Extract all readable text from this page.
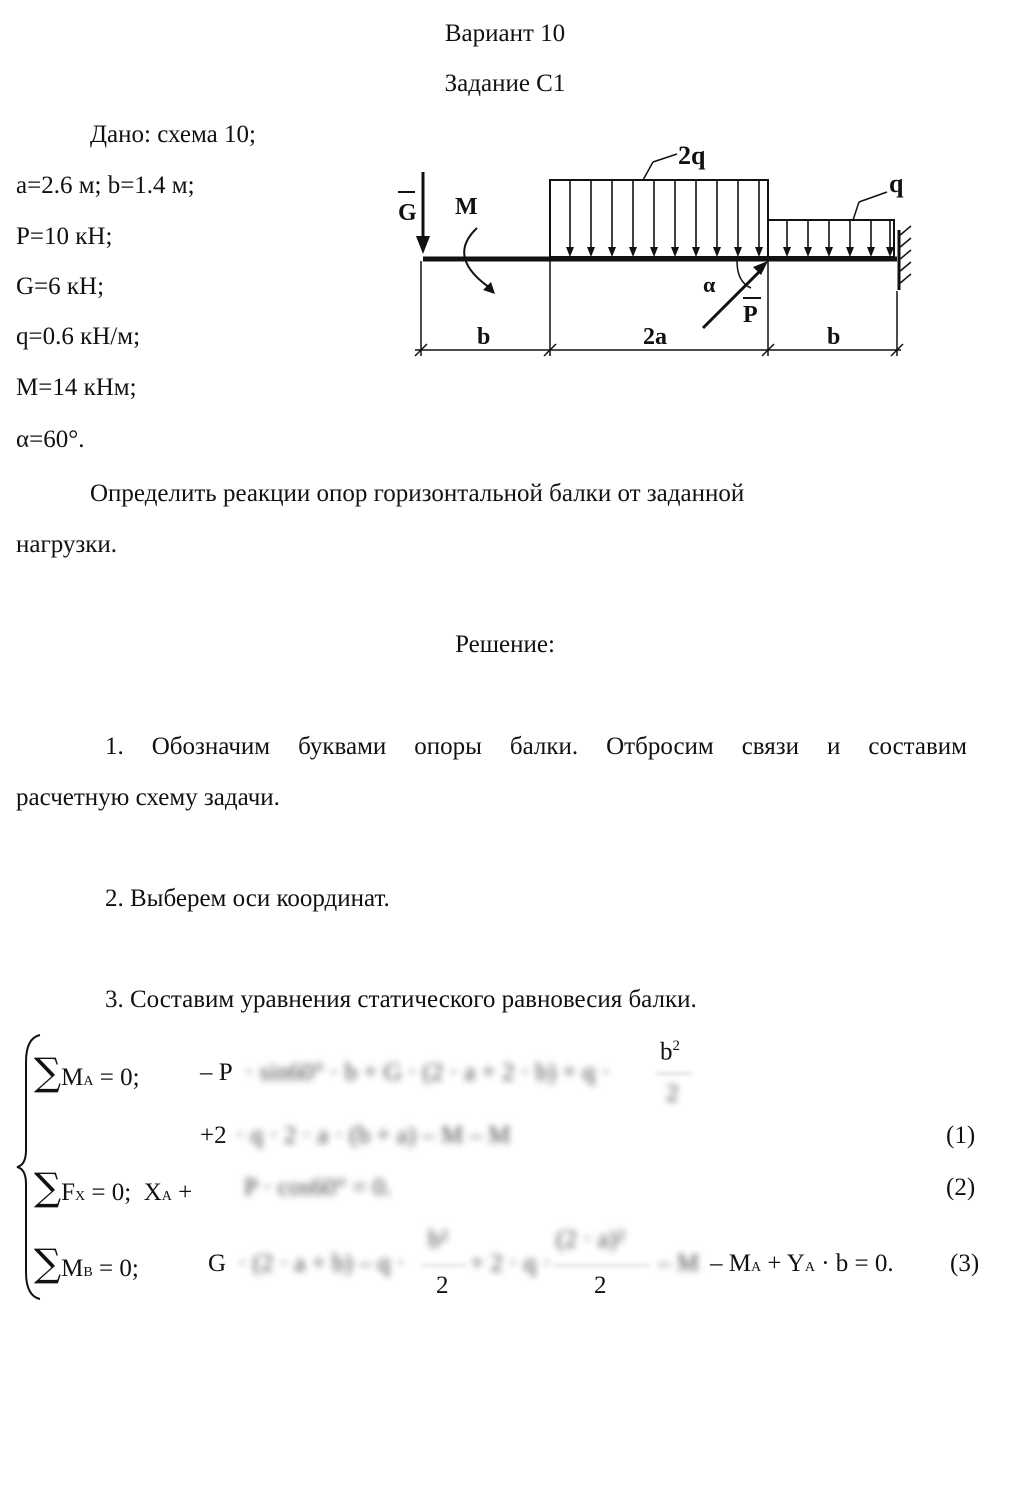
Вариант 10
Задание С1
Дано: схема 10;
a=2.6 м; b=1.4 м;
P=10 кН;
G=6 кН;
q=0.6 кН/м;
M=14 кНм;
α=60°.
G M
2q
q
α
P
b	2a	b
Определить реакции опор горизонтальной балки от заданной
нагрузки.
Решение:
1. Обозначим буквами опоры балки. Отбросим связи и составим
расчетную схему задачи.
2. Выберем оси координат.
3. Составим уравнения статического равновесия балки.
∑MA = 0; – P · sin60° · b + G · (2 · a + 2 · b) + q ·
$b^2$
2
+2 · q · 2 · a · (b + a) – M – M	(1)
∑FX = 0; XA + P · cos60° = 0.	(2)
∑MB = 0;	G · (2 · a + b) – q ·
b²
2
+ 2 · q ·
(2 · a)²
2
– M – MA + YA · b = 0. (3)
